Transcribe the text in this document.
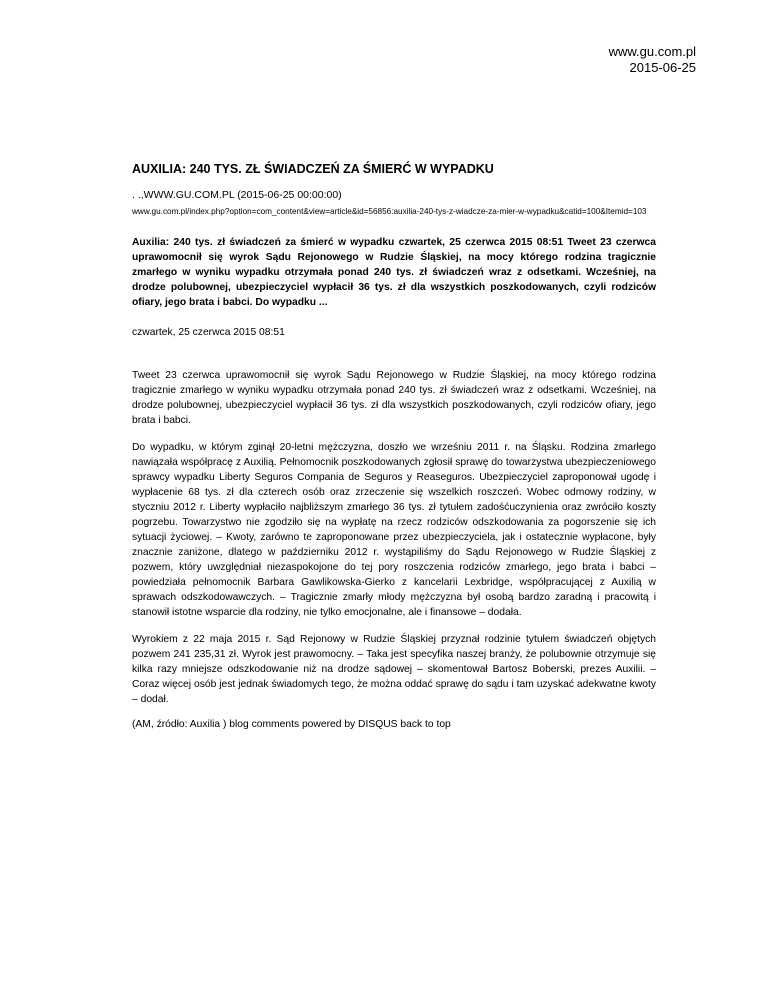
www.gu.com.pl
2015-06-25
AUXILIA: 240 TYS. ZŁ ŚWIADCZEŃ ZA ŚMIERĆ W WYPADKU
. .,WWW.GU.COM.PL (2015-06-25 00:00:00)
www.gu.com.pl/index.php?option=com_content&view=article&id=56856:auxilia-240-tys-z-wiadcze-za-mier-w-wypadku&catid=100&Itemid=103
Auxilia: 240 tys. zł świadczeń za śmierć w wypadku czwartek, 25 czerwca 2015 08:51 Tweet 23 czerwca uprawomocnił się wyrok Sądu Rejonowego w Rudzie Śląskiej, na mocy którego rodzina tragicznie zmarłego w wyniku wypadku otrzymała ponad 240 tys. zł świadczeń wraz z odsetkami. Wcześniej, na drodze polubownej, ubezpieczyciel wypłacił 36 tys. zł dla wszystkich poszkodowanych, czyli rodziców ofiary, jego brata i babci. Do wypadku ...
czwartek, 25 czerwca 2015 08:51
Tweet 23 czerwca uprawomocnił się wyrok Sądu Rejonowego w Rudzie Śląskiej, na mocy którego rodzina tragicznie zmarłego w wyniku wypadku otrzymała ponad 240 tys. zł świadczeń wraz z odsetkami. Wcześniej, na drodze polubownej, ubezpieczyciel wypłacił 36 tys. zł dla wszystkich poszkodowanych, czyli rodziców ofiary, jego brata i babci.
Do wypadku, w którym zginął 20-letni mężczyzna, doszło we wrześniu 2011 r. na Śląsku. Rodzina zmarłego nawiązała współpracę z Auxilią. Pełnomocnik poszkodowanych zgłosił sprawę do towarzystwa ubezpieczeniowego sprawcy wypadku Liberty Seguros Compania de Seguros y Reaseguros. Ubezpieczyciel zaproponował ugodę i wypłacenie 68 tys. zł dla czterech osób oraz zrzeczenie się wszelkich roszczeń. Wobec odmowy rodziny, w styczniu 2012 r. Liberty wypłaciło najbliższym zmarłego 36 tys. zł tytułem zadośćuczynienia oraz zwróciło koszty pogrzebu. Towarzystwo nie zgodziło się na wypłatę na rzecz rodziców odszkodowania za pogorszenie się ich sytuacji życiowej. – Kwoty, zarówno te zaproponowane przez ubezpieczyciela, jak i ostatecznie wypłacone, były znacznie zaniżone, dlatego w październiku 2012 r. wystąpiliśmy do Sądu Rejonowego w Rudzie Śląskiej z pozwem, który uwzględniał niezaspokojone do tej pory roszczenia rodziców zmarłego, jego brata i babci – powiedziała pełnomocnik Barbara Gawlikowska-Gierko z kancelarii Lexbridge, współpracującej z Auxilią w sprawach odszkodowawczych. – Tragicznie zmarły młody mężczyzna był osobą bardzo zaradną i pracowitą i stanowił istotne wsparcie dla rodziny, nie tylko emocjonalne, ale i finansowe – dodała.
Wyrokiem z 22 maja 2015 r. Sąd Rejonowy w Rudzie Śląskiej przyznał rodzinie tytułem świadczeń objętych pozwem 241 235,31 zł. Wyrok jest prawomocny. – Taka jest specyfika naszej branży, że polubownie otrzymuje się kilka razy mniejsze odszkodowanie niż na drodze sądowej – skomentował Bartosz Boberski, prezes Auxilii. – Coraz więcej osób jest jednak świadomych tego, że można oddać sprawę do sądu i tam uzyskać adekwatne kwoty – dodał.
(AM, źródło: Auxilia ) blog comments powered by DISQUS back to top
